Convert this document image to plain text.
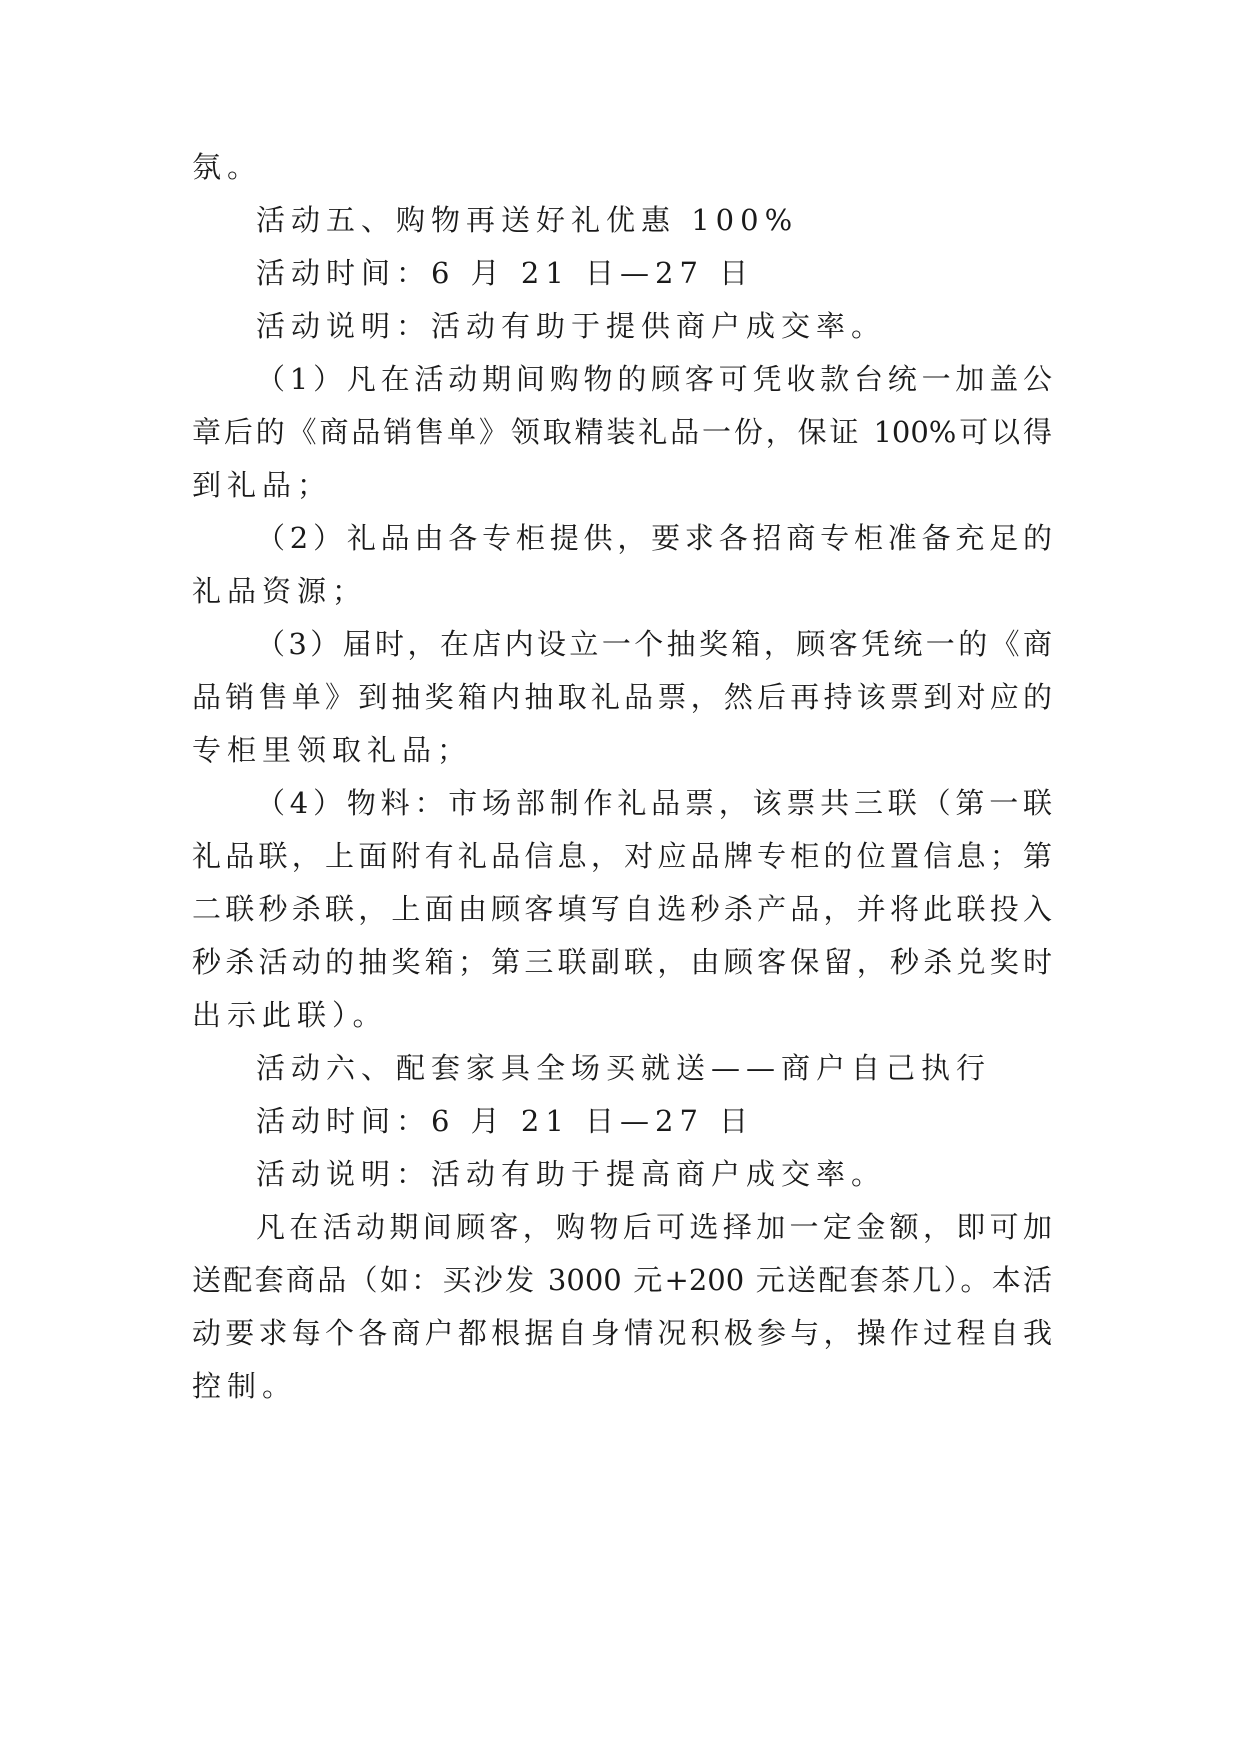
氛。
活动五、购物再送好礼优惠 100%
活动时间：6 月 21 日—27 日
活动说明：活动有助于提供商户成交率。
（1）凡在活动期间购物的顾客可凭收款台统一加盖公
章后的《商品销售单》领取精装礼品一份，保证 100%可以得
到礼品；
（2）礼品由各专柜提供，要求各招商专柜准备充足的
礼品资源；
（3）届时，在店内设立一个抽奖箱，顾客凭统一的《商
品销售单》到抽奖箱内抽取礼品票，然后再持该票到对应的
专柜里领取礼品；
（4）物料：市场部制作礼品票，该票共三联（第一联
礼品联，上面附有礼品信息，对应品牌专柜的位置信息；第
二联秒杀联，上面由顾客填写自选秒杀产品，并将此联投入
秒杀活动的抽奖箱；第三联副联，由顾客保留，秒杀兑奖时
出示此联）。
活动六、配套家具全场买就送——商户自己执行
活动时间：6 月 21 日—27 日
活动说明：活动有助于提高商户成交率。
凡在活动期间顾客，购物后可选择加一定金额，即可加
送配套商品（如：买沙发 3000 元+200 元送配套茶几）。本活
动要求每个各商户都根据自身情况积极参与，操作过程自我
控制。
